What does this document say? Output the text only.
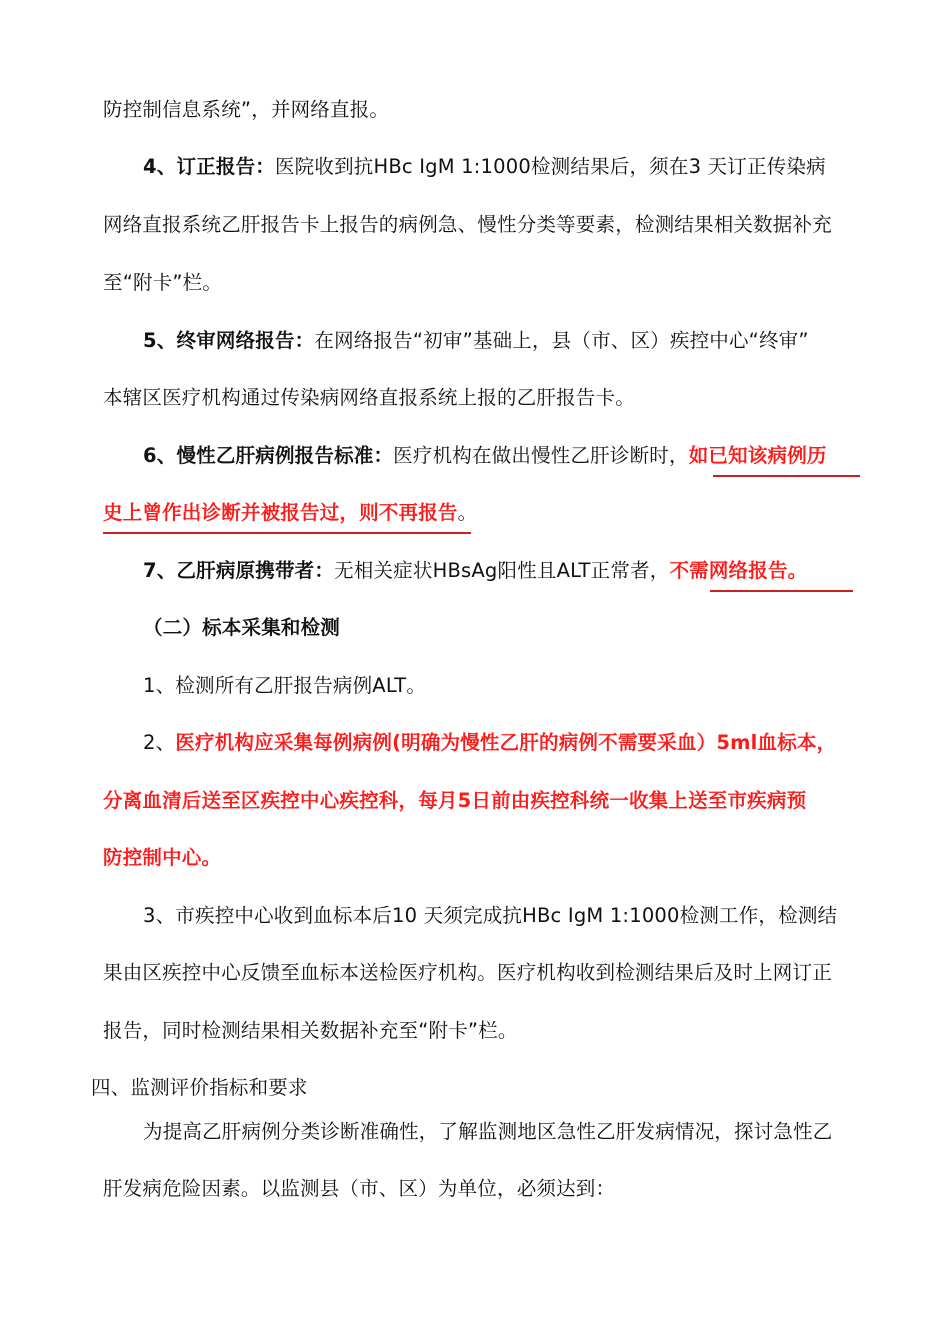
防控制信息系统”，并网络直报。
4、订正报告：医院收到抗HBc IgM 1:1000检测结果后，须在3 天订正传染病
网络直报系统乙肝报告卡上报告的病例急、慢性分类等要素，检测结果相关数据补充
至“附卡”栏。
5、终审网络报告：在网络报告“初审”基础上，县（市、区）疾控中心“终审”
本辖区医疗机构通过传染病网络直报系统上报的乙肝报告卡。
6、慢性乙肝病例报告标准：医疗机构在做出慢性乙肝诊断时，如已知该病例历
史上曾作出诊断并被报告过，则不再报告。
7、乙肝病原携带者：无相关症状HBsAg阳性且ALT正常者，不需网络报告。
（二）标本采集和检测
1、检测所有乙肝报告病例ALT。
2、医疗机构应采集每例病例(明确为慢性乙肝的病例不需要采血）5ml血标本，
分离血清后送至区疾控中心疾控科，每月5日前由疾控科统一收集上送至市疾病预
防控制中心。
3、市疾控中心收到血标本后10 天须完成抗HBc IgM 1:1000检测工作，检测结
果由区疾控中心反馈至血标本送检医疗机构。医疗机构收到检测结果后及时上网订正
报告，同时检测结果相关数据补充至“附卡”栏。
四、监测评价指标和要求
为提高乙肝病例分类诊断准确性，了解监测地区急性乙肝发病情况，探讨急性乙
肝发病危险因素。以监测县（市、区）为单位，必须达到：
